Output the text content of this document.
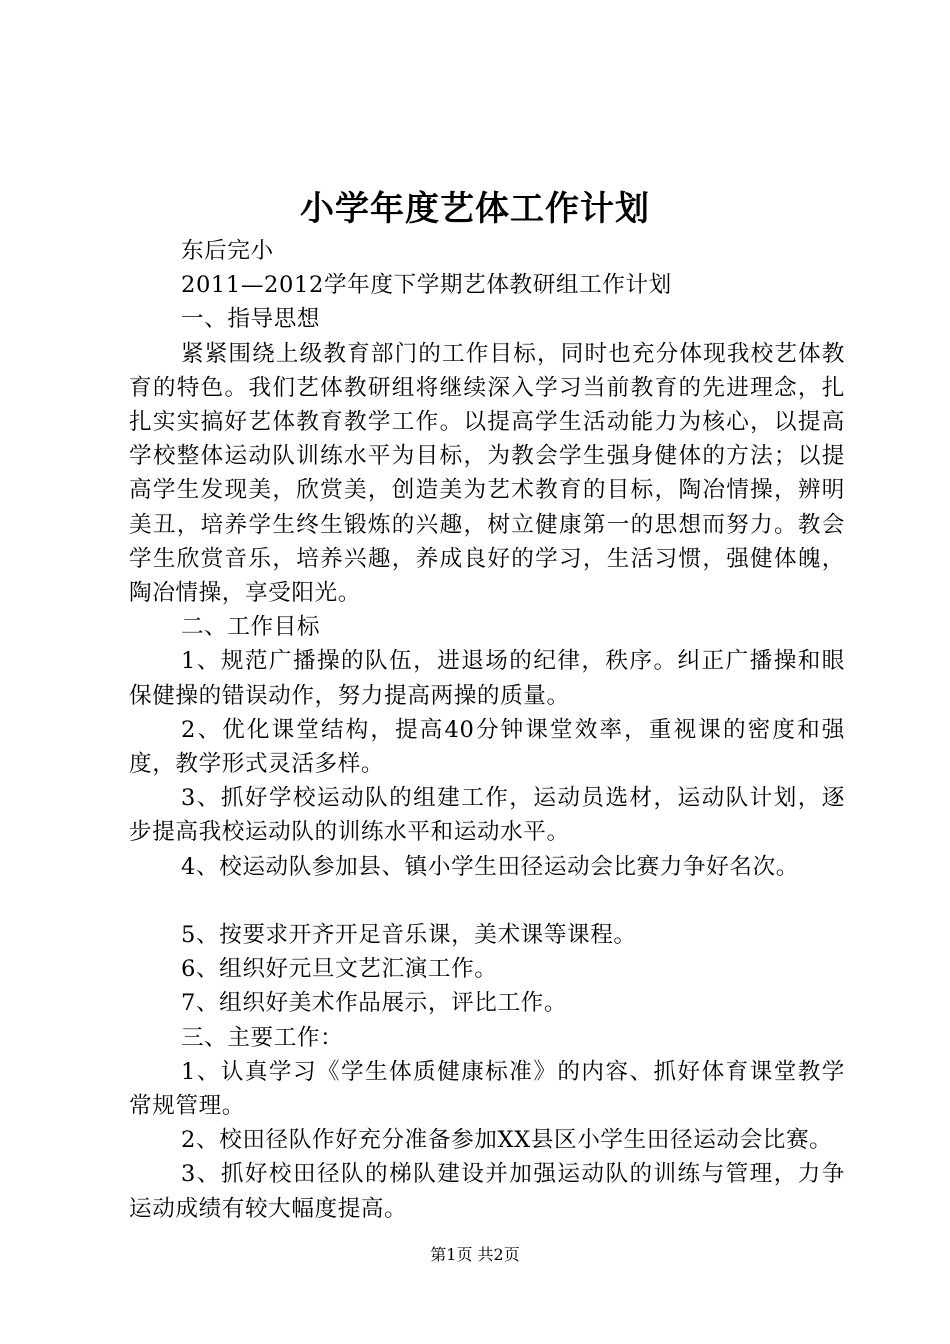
小学年度艺体工作计划

东后完小

2011—2012学年度下学期艺体教研组工作计划

一、指导思想

紧紧围绕上级教育部门的工作目标，同时也充分体现我校艺体教育的特色。我们艺体教研组将继续深入学习当前教育的先进理念，扎扎实实搞好艺体教育教学工作。以提高学生活动能力为核心，以提高学校整体运动队训练水平为目标，为教会学生强身健体的方法；以提高学生发现美，欣赏美，创造美为艺术教育的目标，陶冶情操，辨明美丑，培养学生终生锻炼的兴趣，树立健康第一的思想而努力。教会学生欣赏音乐，培养兴趣，养成良好的学习，生活习惯，强健体魄，陶冶情操，享受阳光。

二、工作目标

1、规范广播操的队伍，进退场的纪律，秩序。纠正广播操和眼保健操的错误动作，努力提高两操的质量。

2、优化课堂结构，提高40分钟课堂效率，重视课的密度和强度，教学形式灵活多样。

3、抓好学校运动队的组建工作，运动员选材，运动队计划，逐步提高我校运动队的训练水平和运动水平。

4、校运动队参加县、镇小学生田径运动会比赛力争好名次。

5、按要求开齐开足音乐课，美术课等课程。

6、组织好元旦文艺汇演工作。

7、组织好美术作品展示，评比工作。

三、主要工作：

1、认真学习《学生体质健康标准》的内容、抓好体育课堂教学常规管理。

2、校田径队作好充分准备参加XX县区小学生田径运动会比赛。

3、抓好校田径队的梯队建设并加强运动队的训练与管理，力争运动成绩有较大幅度提高。

第1页 共2页
